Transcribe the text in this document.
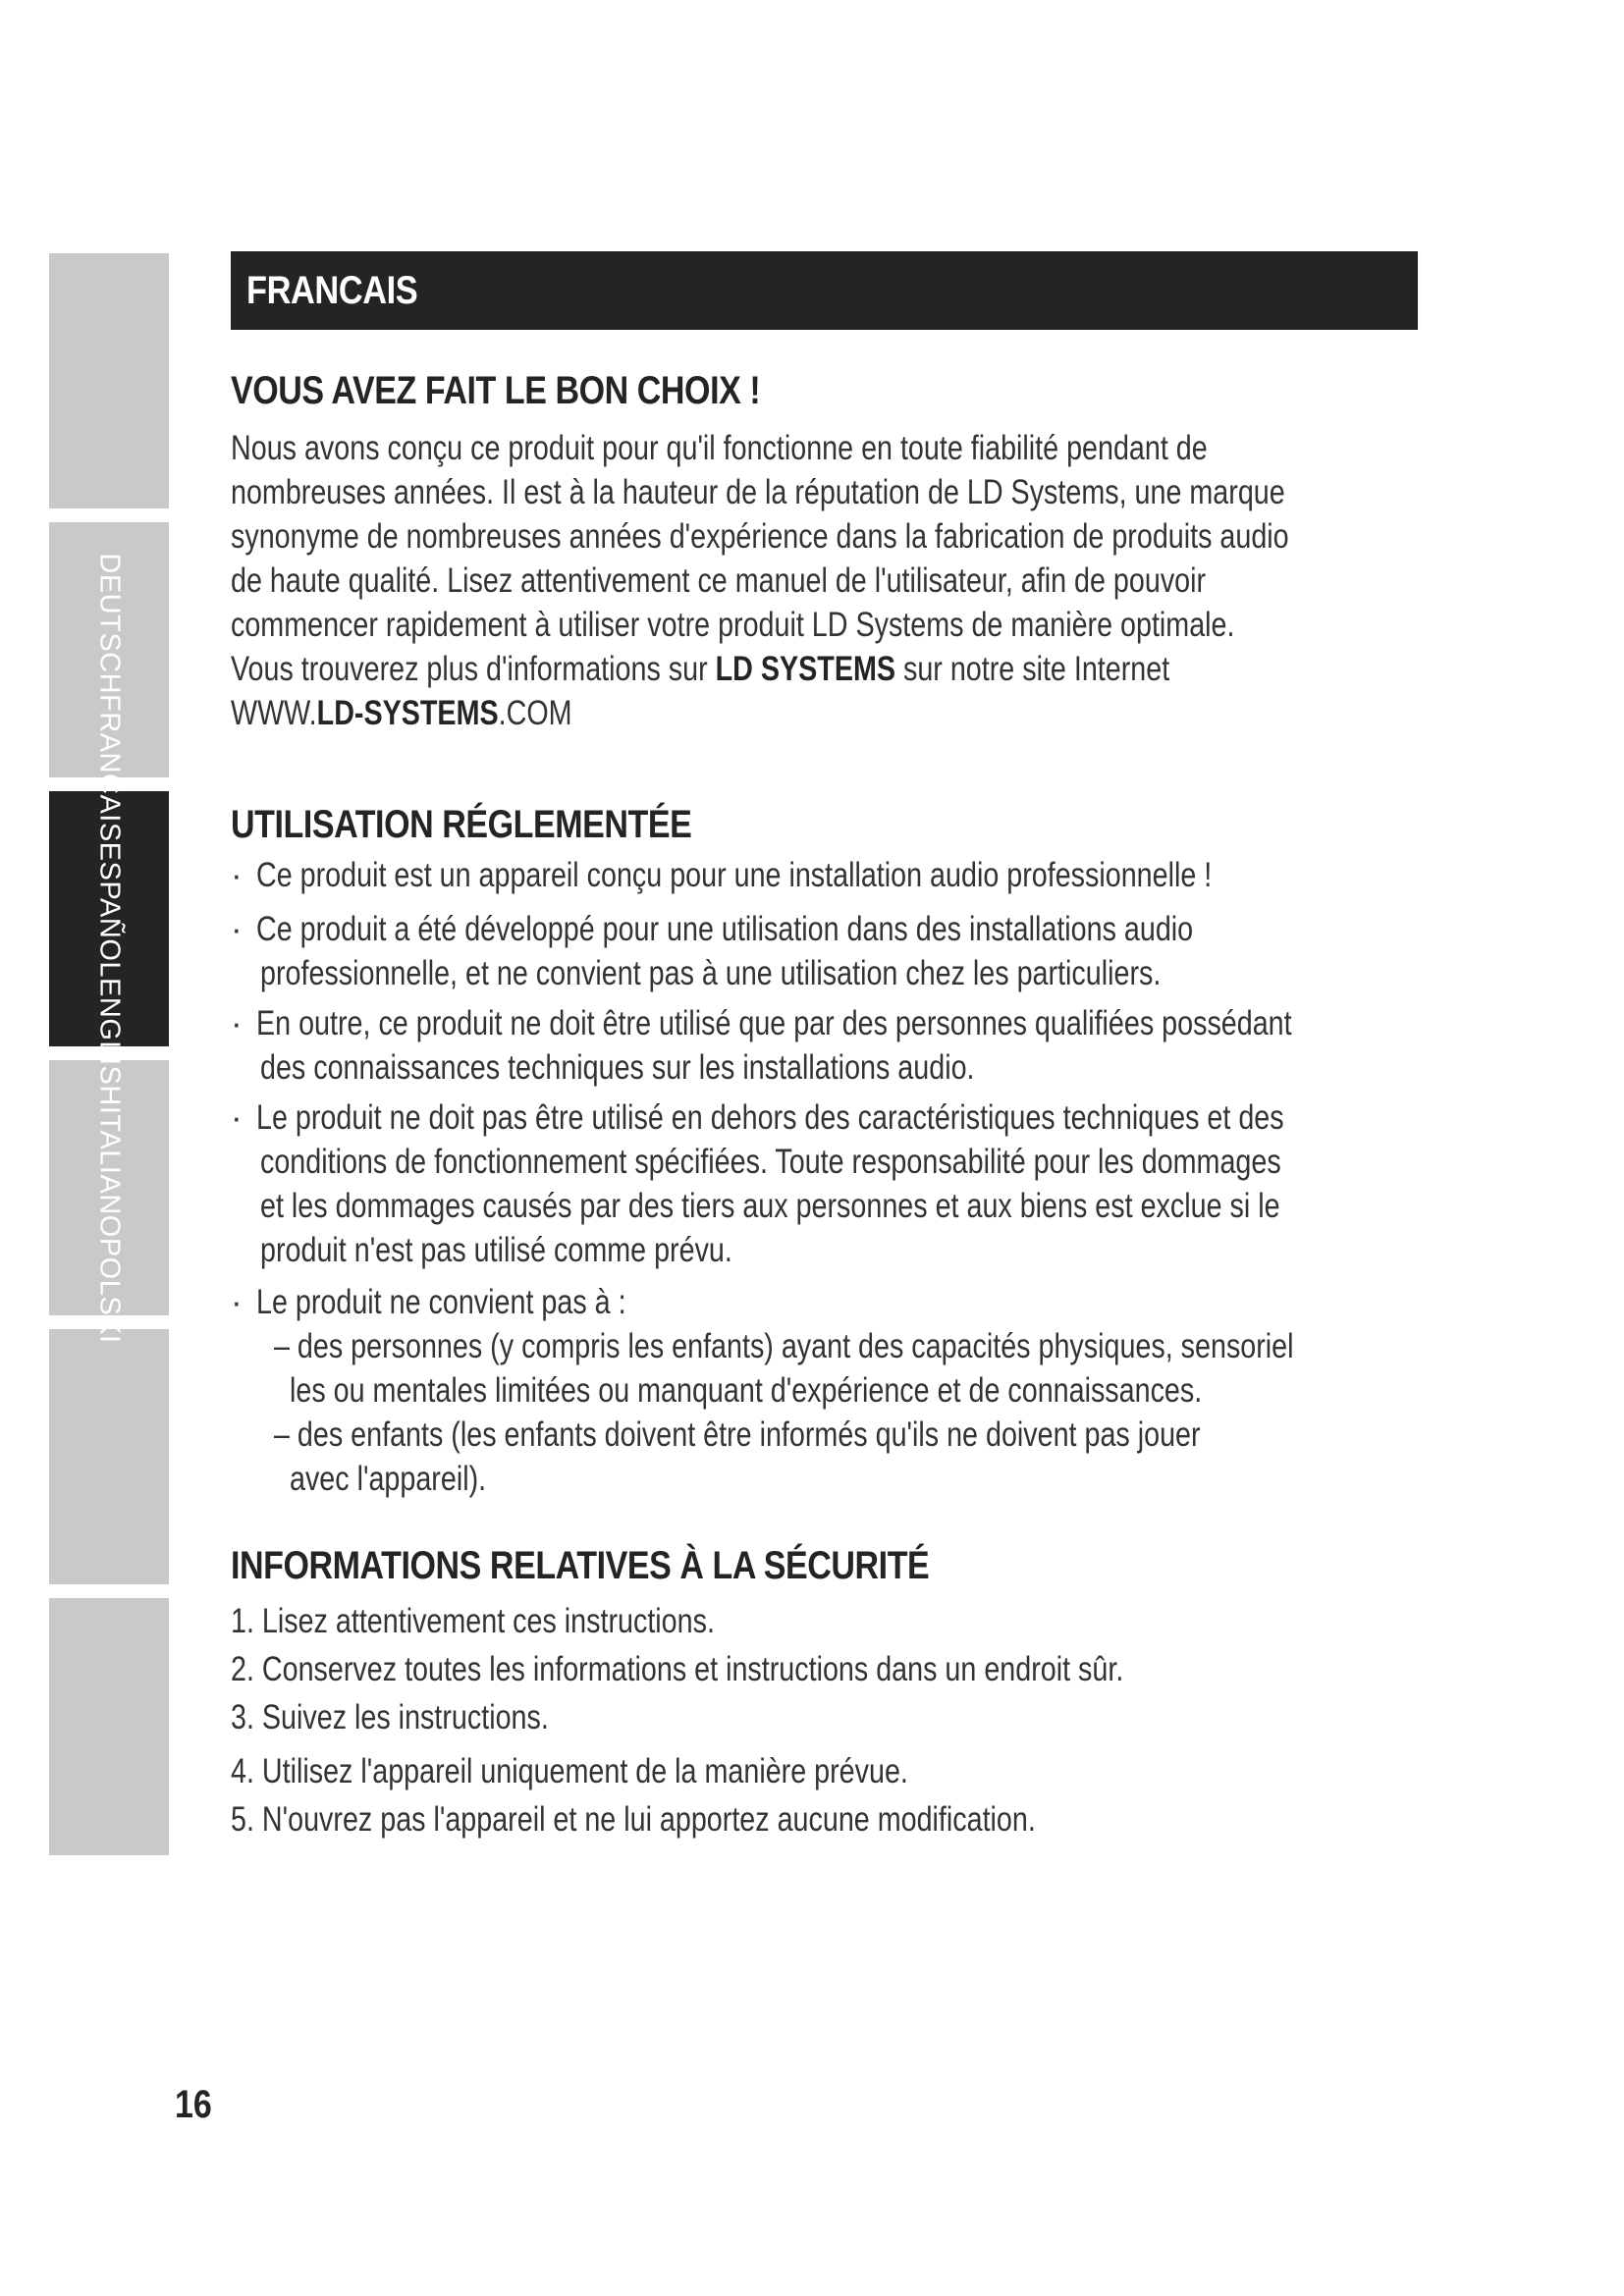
DEUTSCHFRANÇAISESPAÑOLENGLISHITALIANOPOLSKI
FRANCAIS
VOUS AVEZ FAIT LE BON CHOIX !
Nous avons conçu ce produit pour qu'il fonctionne en toute fiabilité pendant de
nombreuses années. Il est à la hauteur de la réputation de LD Systems, une marque
synonyme de nombreuses années d'expérience dans la fabrication de produits audio
de haute qualité. Lisez attentivement ce manuel de l'utilisateur, afin de pouvoir
commencer rapidement à utiliser votre produit LD Systems de manière optimale.
Vous trouverez plus d'informations sur LD SYSTEMS sur notre site Internet
WWW.LD-SYSTEMS.COM
UTILISATION RÉGLEMENTÉE
· Ce produit est un appareil conçu pour une installation audio professionnelle !
· Ce produit a été développé pour une utilisation dans des installations audio
professionnelle, et ne convient pas à une utilisation chez les particuliers.
· En outre, ce produit ne doit être utilisé que par des personnes qualifiées possédant
des connaissances techniques sur les installations audio.
· Le produit ne doit pas être utilisé en dehors des caractéristiques techniques et des
conditions de fonctionnement spécifiées. Toute responsabilité pour les dommages
et les dommages causés par des tiers aux personnes et aux biens est exclue si le
produit n'est pas utilisé comme prévu.
· Le produit ne convient pas à :
– des personnes (y compris les enfants) ayant des capacités physiques, sensoriel
les ou mentales limitées ou manquant d'expérience et de connaissances.
– des enfants (les enfants doivent être informés qu'ils ne doivent pas jouer
avec l'appareil).
INFORMATIONS RELATIVES À LA SÉCURITÉ
1. Lisez attentivement ces instructions.
2. Conservez toutes les informations et instructions dans un endroit sûr.
3. Suivez les instructions.
4. Utilisez l'appareil uniquement de la manière prévue.
5. N'ouvrez pas l'appareil et ne lui apportez aucune modification.
16
